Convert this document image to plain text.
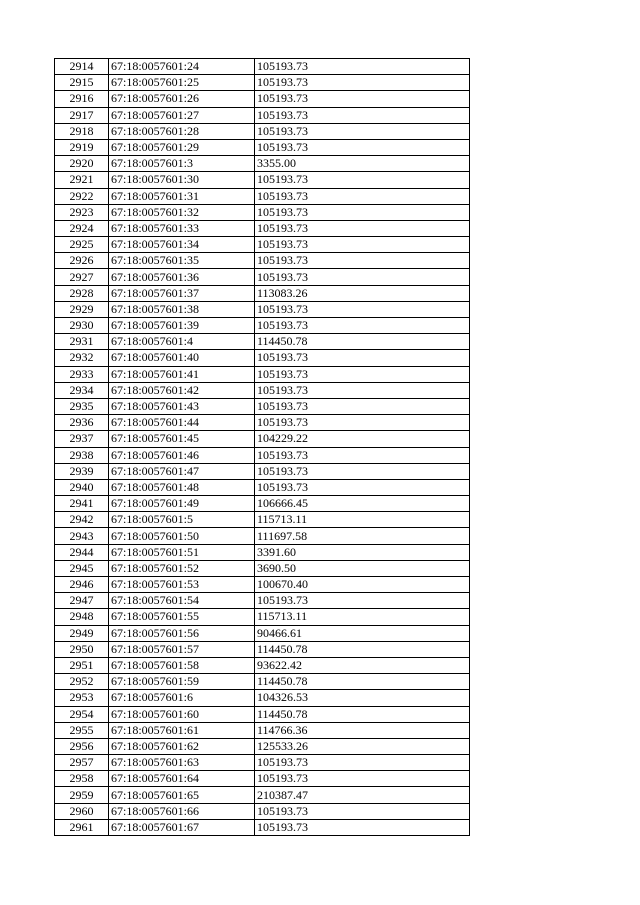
2914	67:18:0057601:24	105193.73
2915	67:18:0057601:25	105193.73
2916	67:18:0057601:26	105193.73
2917	67:18:0057601:27	105193.73
2918	67:18:0057601:28	105193.73
2919	67:18:0057601:29	105193.73
2920	67:18:0057601:3	3355.00
2921	67:18:0057601:30	105193.73
2922	67:18:0057601:31	105193.73
2923	67:18:0057601:32	105193.73
2924	67:18:0057601:33	105193.73
2925	67:18:0057601:34	105193.73
2926	67:18:0057601:35	105193.73
2927	67:18:0057601:36	105193.73
2928	67:18:0057601:37	113083.26
2929	67:18:0057601:38	105193.73
2930	67:18:0057601:39	105193.73
2931	67:18:0057601:4	114450.78
2932	67:18:0057601:40	105193.73
2933	67:18:0057601:41	105193.73
2934	67:18:0057601:42	105193.73
2935	67:18:0057601:43	105193.73
2936	67:18:0057601:44	105193.73
2937	67:18:0057601:45	104229.22
2938	67:18:0057601:46	105193.73
2939	67:18:0057601:47	105193.73
2940	67:18:0057601:48	105193.73
2941	67:18:0057601:49	106666.45
2942	67:18:0057601:5	115713.11
2943	67:18:0057601:50	111697.58
2944	67:18:0057601:51	3391.60
2945	67:18:0057601:52	3690.50
2946	67:18:0057601:53	100670.40
2947	67:18:0057601:54	105193.73
2948	67:18:0057601:55	115713.11
2949	67:18:0057601:56	90466.61
2950	67:18:0057601:57	114450.78
2951	67:18:0057601:58	93622.42
2952	67:18:0057601:59	114450.78
2953	67:18:0057601:6	104326.53
2954	67:18:0057601:60	114450.78
2955	67:18:0057601:61	114766.36
2956	67:18:0057601:62	125533.26
2957	67:18:0057601:63	105193.73
2958	67:18:0057601:64	105193.73
2959	67:18:0057601:65	210387.47
2960	67:18:0057601:66	105193.73
2961	67:18:0057601:67	105193.73
